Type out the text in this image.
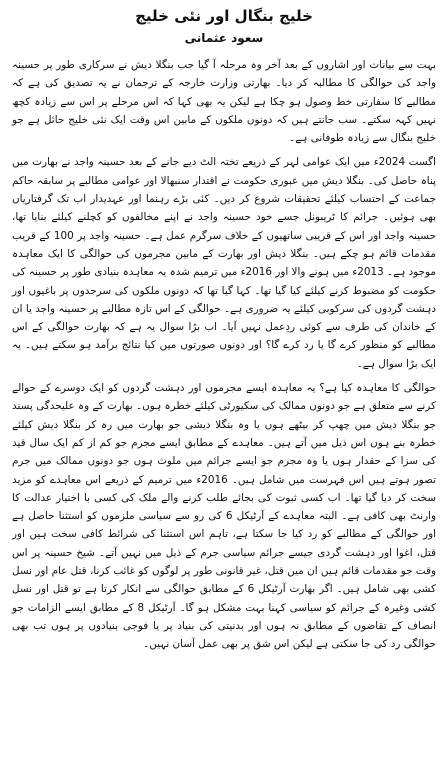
خلیج بنگال اور نئی خلیج
سعود عثمانی

بہت سے بیانات اور اشاروں کے بعد آخر وہ مرحلہ آ گیا جب بنگلا دیش نے سرکاری طور پر حسینہ واجد کی حوالگی کا مطالبہ کر دیا۔ بھارتی وزارت خارجہ کے ترجمان نے یہ تصدیق کی ہے کہ مطالبے کا سفارتی خط وصول ہو چکا ہے لیکن یہ بھی کہا کہ اس مرحلے پر اس سے زیادہ کچھ نہیں کہہ سکتے۔ سب جانتے ہیں کہ دونوں ملکوں کے مابین اس وقت ایک نئی خلیج حائل ہے جو خلیج بنگال سے زیادہ طوفانی ہے۔

اگست 2024ء میں ایک عوامی لہر کے ذریعے تختہ الٹ دیے جانے کے بعد حسینہ واجد نے بھارت میں پناہ حاصل کی۔ بنگلا دیش میں عبوری حکومت نے اقتدار سنبھالا اور عوامی مطالبے پر سابقہ حاکم جماعت کے احتساب کیلئے تحقیقات شروع کر دیں۔ کئی بڑے رہنما اور عہدیدار اب تک گرفتاریاں بھی ہوئیں۔ جرائم کا ٹریبونل جسے خود حسینہ واجد نے اپنے مخالفوں کو کچلنے کیلئے بنایا تھا، حسینہ واجد اور اس کے قریبی ساتھیوں کے خلاف سرگرم عمل ہے۔ حسینہ واجد پر 100 کے قریب مقدمات قائم ہو چکے ہیں۔ بنگلا دیش اور بھارت کے مابین مجرموں کی حوالگی کا ایک معاہدہ موجود ہے۔ 2013ء میں ہونے والا اور 2016ء میں ترمیم شدہ یہ معاہدہ بنیادی طور پر حسینہ کی حکومت کو مضبوط کرنے کیلئے کیا گیا تھا۔ کہا گیا تھا کہ دونوں ملکوں کی سرحدوں پر باغیوں اور دہشت گردوں کی سرکوبی کیلئے یہ ضروری ہے۔ حوالگی کے اس تازہ مطالبے پر حسینہ واجد یا ان کے خاندان کی طرف سے کوئی ردِعمل نہیں آیا۔ اب بڑا سوال یہ ہے کہ بھارت حوالگی کے اس مطالبے کو منظور کرے گا یا رد کرے گا؟ اور دونوں صورتوں میں کیا نتائج برآمد ہو سکتے ہیں۔ یہ ایک بڑا سوال ہے۔

حوالگی کا معاہدہ کیا ہے؟ یہ معاہدہ ایسے مجرموں اور دہشت گردوں کو ایک دوسرے کے حوالے کرنے سے متعلق ہے جو دونوں ممالک کی سکیورٹی کیلئے خطرہ ہوں۔ بھارت کے وہ علیحدگی پسند جو بنگلا دیش میں چھپ کر بیٹھے ہوں یا وہ بنگلا دیشی جو بھارت میں رہ کر بنگلا دیش کیلئے خطرہ بنے ہوں اس ذیل میں آتے ہیں۔ معاہدے کے مطابق ایسے مجرم جو کم از کم ایک سال قید کی سزا کے حقدار ہوں یا وہ مجرم جو ایسے جرائم میں ملوث ہوں جو دونوں ممالک میں جرم تصور ہوتے ہیں اس فہرست میں شامل ہیں۔ 2016ء میں ترمیم کے ذریعے اس معاہدے کو مزید سخت کر دیا گیا تھا۔ اب کسی ثبوت کی بجائے طلب کرنے والے ملک کی کسی با اختیار عدالت کا وارنٹ بھی کافی ہے۔ البتہ معاہدے کے آرٹیکل 6 کی رو سے سیاسی ملزموں کو استثنا حاصل ہے اور حوالگی کے مطالبے کو رد کیا جا سکتا ہے، تاہم اس استثنا کی شرائط کافی سخت ہیں اور قتل، اغوا اور دہشت گردی جیسے جرائم سیاسی جرم کے ذیل میں نہیں آتے۔ شیخ حسینہ پر اس وقت جو مقدمات قائم ہیں ان میں قتل، غیر قانونی طور پر لوگوں کو غائب کرنا، قتل عام اور نسل کشی بھی شامل ہیں۔ اگر بھارت آرٹیکل 6 کے مطابق حوالگی سے انکار کرتا ہے تو قتل اور نسل کشی وغیرہ کے جرائم کو سیاسی کہنا بہت مشکل ہو گا۔ آرٹیکل 8 کے مطابق ایسے الزامات جو انصاف کے تقاضوں کے مطابق نہ ہوں اور بدنیتی کی بنیاد پر یا فوجی بنیادوں پر ہوں تب بھی حوالگی رد کی جا سکتی ہے لیکن اس شق پر بھی عمل آسان نہیں۔
